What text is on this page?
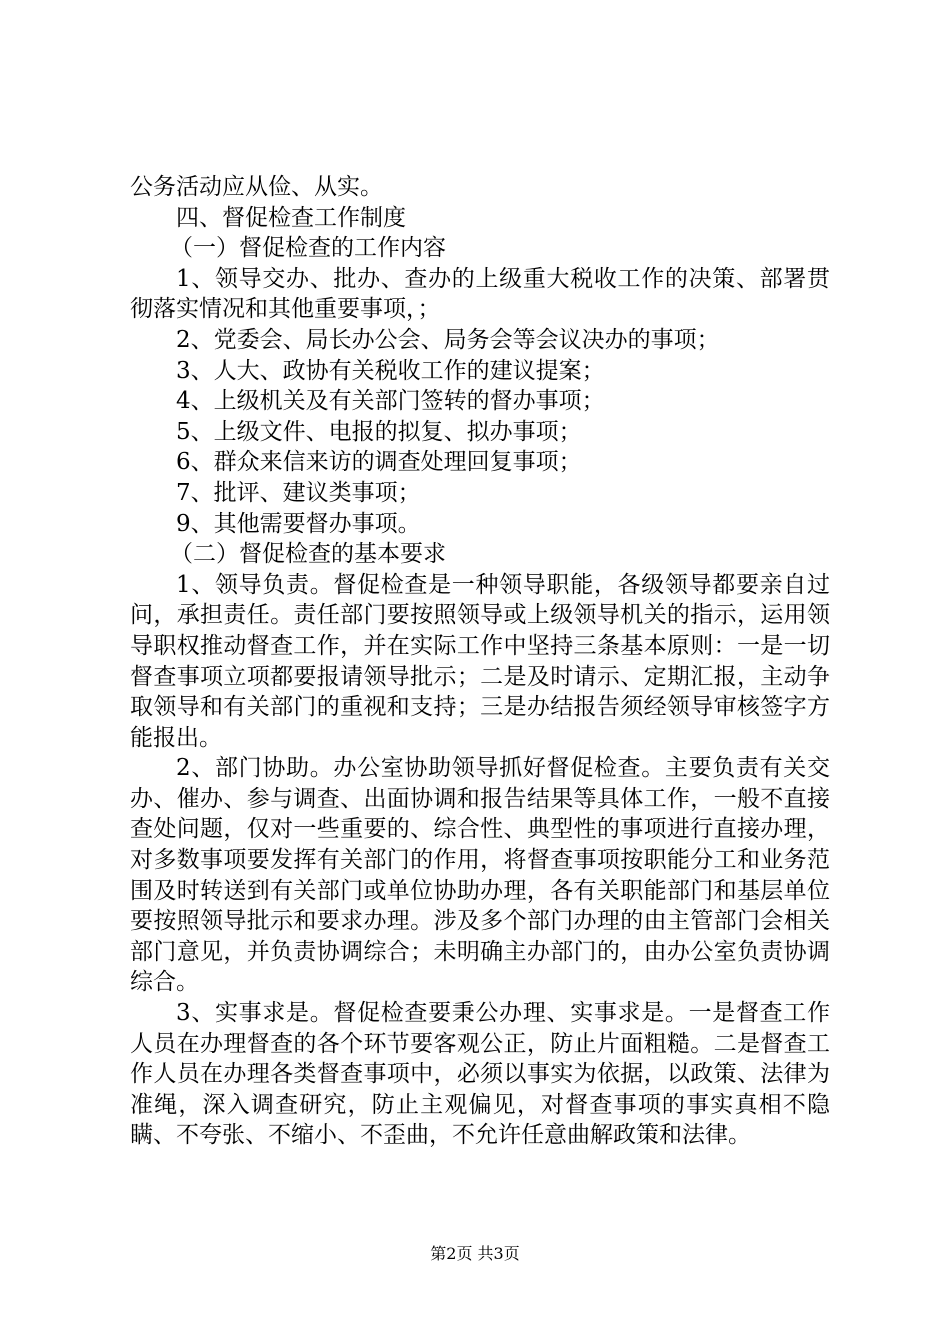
公务活动应从俭、从实。

四、督促检查工作制度

（一）督促检查的工作内容

1、领导交办、批办、查办的上级重大税收工作的决策、部署贯彻落实情况和其他重要事项，；

2、党委会、局长办公会、局务会等会议决办的事项；

3、人大、政协有关税收工作的建议提案；

4、上级机关及有关部门签转的督办事项；

5、上级文件、电报的拟复、拟办事项；

6、群众来信来访的调查处理回复事项；

7、批评、建议类事项；

9、其他需要督办事项。

（二）督促检查的基本要求

1、领导负责。督促检查是一种领导职能，各级领导都要亲自过问，承担责任。责任部门要按照领导或上级领导机关的指示，运用领导职权推动督查工作，并在实际工作中坚持三条基本原则：一是一切督查事项立项都要报请领导批示；二是及时请示、定期汇报，主动争取领导和有关部门的重视和支持；三是办结报告须经领导审核签字方能报出。

2、部门协助。办公室协助领导抓好督促检查。主要负责有关交办、催办、参与调查、出面协调和报告结果等具体工作，一般不直接查处问题，仅对一些重要的、综合性、典型性的事项进行直接办理，对多数事项要发挥有关部门的作用，将督查事项按职能分工和业务范围及时转送到有关部门或单位协助办理，各有关职能部门和基层单位要按照领导批示和要求办理。涉及多个部门办理的由主管部门会相关部门意见，并负责协调综合；未明确主办部门的，由办公室负责协调综合。

3、实事求是。督促检查要秉公办理、实事求是。一是督查工作人员在办理督查的各个环节要客观公正，防止片面粗糙。二是督查工作人员在办理各类督查事项中，必须以事实为依据，以政策、法律为准绳，深入调查研究，防止主观偏见，对督查事项的事实真相不隐瞒、不夸张、不缩小、不歪曲，不允许任意曲解政策和法律。

第2页 共3页
